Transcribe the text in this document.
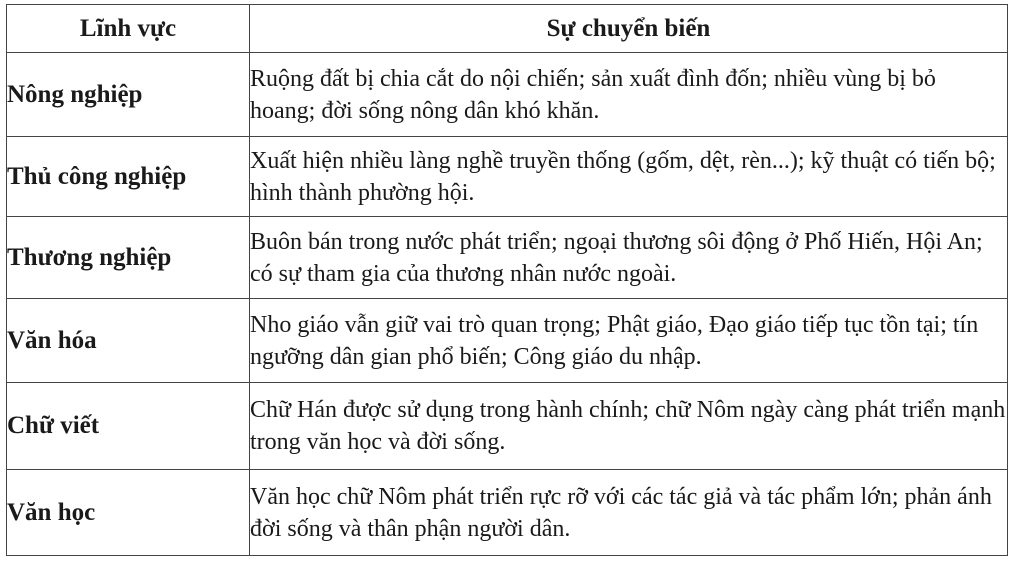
Lĩnh vực	Sự chuyển biến
Nông nghiệp	Ruộng đất bị chia cắt do nội chiến; sản xuất đình đốn; nhiều vùng bị bỏ hoang; đời sống nông dân khó khăn.
Thủ công nghiệp	Xuất hiện nhiều làng nghề truyền thống (gốm, dệt, rèn...); kỹ thuật có tiến bộ; hình thành phường hội.
Thương nghiệp	Buôn bán trong nước phát triển; ngoại thương sôi động ở Phố Hiến, Hội An; có sự tham gia của thương nhân nước ngoài.
Văn hóa	Nho giáo vẫn giữ vai trò quan trọng; Phật giáo, Đạo giáo tiếp tục tồn tại; tín ngưỡng dân gian phổ biến; Công giáo du nhập.
Chữ viết	Chữ Hán được sử dụng trong hành chính; chữ Nôm ngày càng phát triển mạnh trong văn học và đời sống.
Văn học	Văn học chữ Nôm phát triển rực rỡ với các tác giả và tác phẩm lớn; phản ánh đời sống và thân phận người dân.
